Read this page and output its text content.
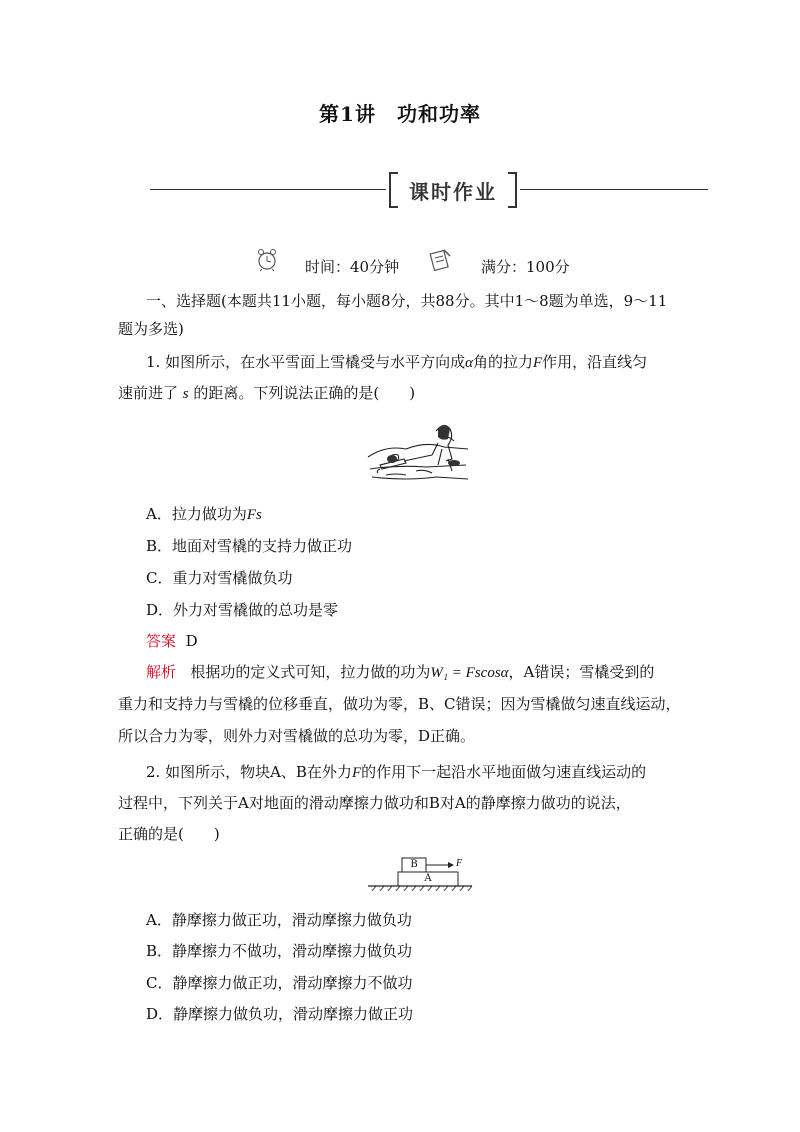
第1讲　功和功率
课时作业
时间：40分钟	满分：100分
一、选择题(本题共11小题，每小题8分，共88分。其中1～8题为单选，9～11
题为多选)
1. 如图所示，在水平雪面上雪橇受与水平方向成α角的拉力F作用，沿直线匀
速前进了 s 的距离。下列说法正确的是(　　)
A．拉力做功为Fs
B．地面对雪橇的支持力做正功
C．重力对雪橇做负功
D．外力对雪橇做的总功是零
答案 D
解析 根据功的定义式可知，拉力做的功为W₁ = Fscosα，A错误；雪橇受到的
重力和支持力与雪橇的位移垂直，做功为零，B、C错误；因为雪橇做匀速直线运动，
所以合力为零，则外力对雪橇做的总功为零，D正确。
2. 如图所示，物块A、B在外力F的作用下一起沿水平地面做匀速直线运动的
过程中，下列关于A对地面的滑动摩擦力做功和B对A的静摩擦力做功的说法，
正确的是(　　)
B
A
F
A．静摩擦力做正功，滑动摩擦力做负功
B．静摩擦力不做功，滑动摩擦力做负功
C．静摩擦力做正功，滑动摩擦力不做功
D．静摩擦力做负功，滑动摩擦力做正功
